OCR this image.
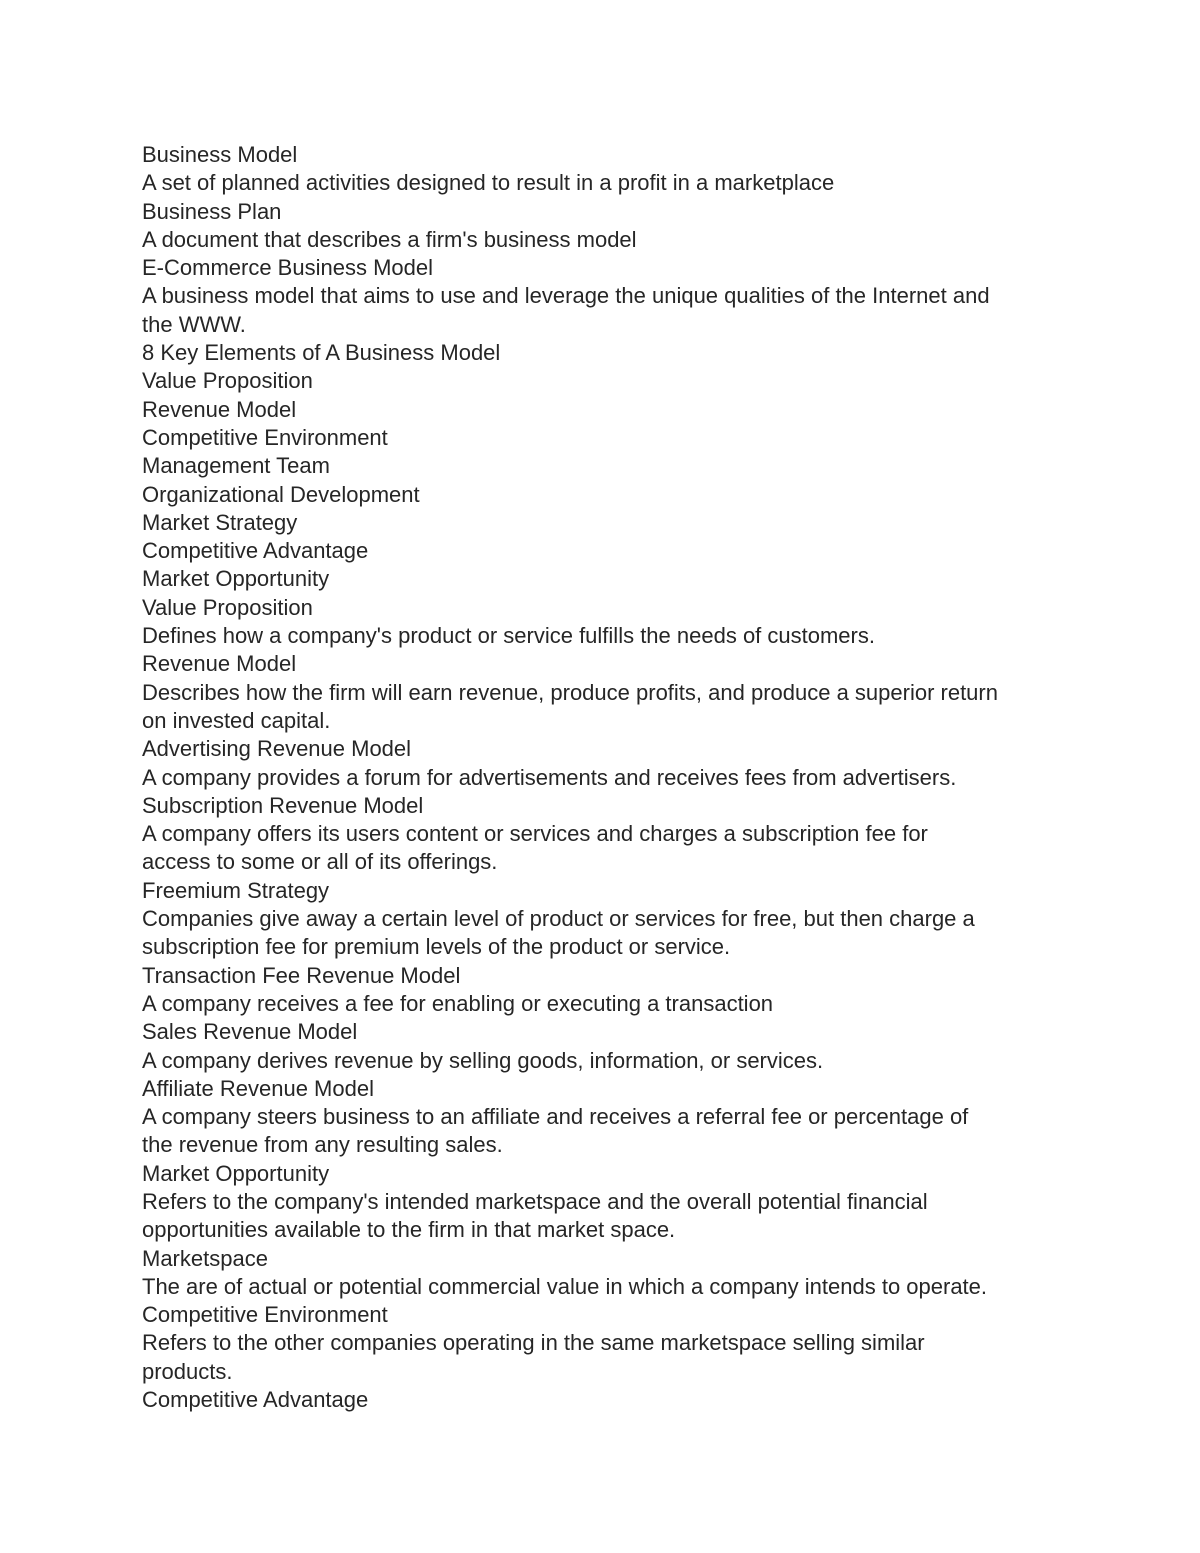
Business Model
A set of planned activities designed to result in a profit in a marketplace
Business Plan
A document that describes a firm's business model
E-Commerce Business Model
A business model that aims to use and leverage the unique qualities of the Internet and
the WWW.
8 Key Elements of A Business Model
Value Proposition
Revenue Model
Competitive Environment
Management Team
Organizational Development
Market Strategy
Competitive Advantage
Market Opportunity
Value Proposition
Defines how a company's product or service fulfills the needs of customers.
Revenue Model
Describes how the firm will earn revenue, produce profits, and produce a superior return
on invested capital.
Advertising Revenue Model
A company provides a forum for advertisements and receives fees from advertisers.
Subscription Revenue Model
A company offers its users content or services and charges a subscription fee for
access to some or all of its offerings.
Freemium Strategy
Companies give away a certain level of product or services for free, but then charge a
subscription fee for premium levels of the product or service.
Transaction Fee Revenue Model
A company receives a fee for enabling or executing a transaction
Sales Revenue Model
A company derives revenue by selling goods, information, or services.
Affiliate Revenue Model
A company steers business to an affiliate and receives a referral fee or percentage of
the revenue from any resulting sales.
Market Opportunity
Refers to the company's intended marketspace and the overall potential financial
opportunities available to the firm in that market space.
Marketspace
The are of actual or potential commercial value in which a company intends to operate.
Competitive Environment
Refers to the other companies operating in the same marketspace selling similar
products.
Competitive Advantage
